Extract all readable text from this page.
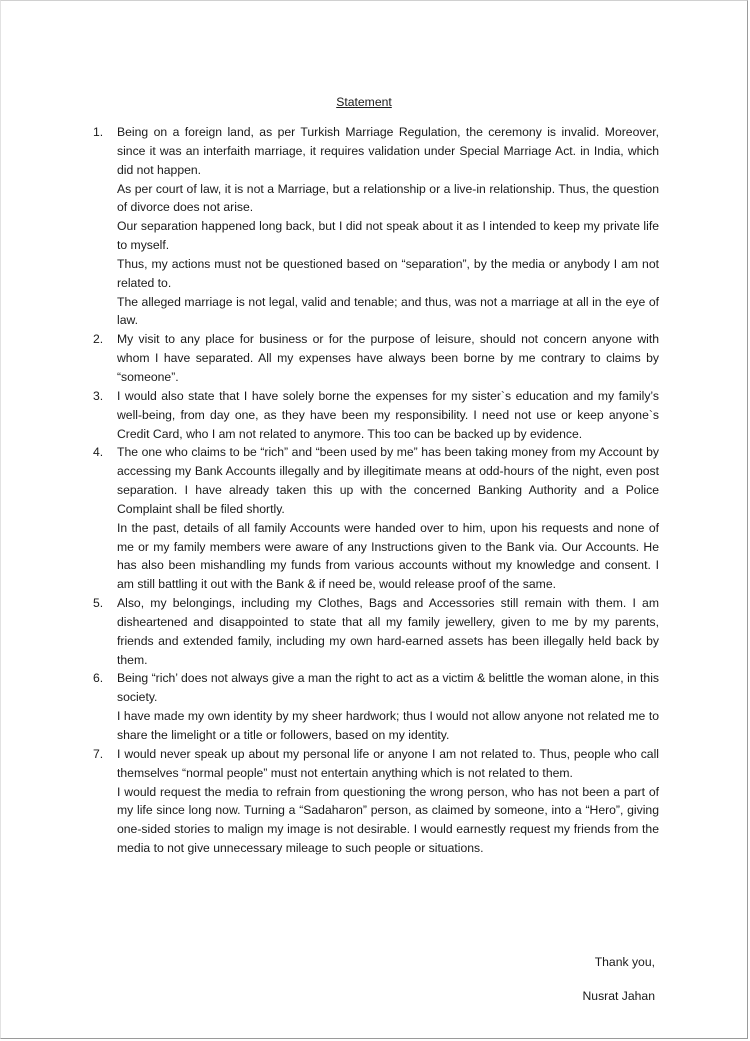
Statement
1. Being on a foreign land, as per Turkish Marriage Regulation, the ceremony is invalid. Moreover, since it was an interfaith marriage, it requires validation under Special Marriage Act. in India, which did not happen.

As per court of law, it is not a Marriage, but a relationship or a live-in relationship. Thus, the question of divorce does not arise.

Our separation happened long back, but I did not speak about it as I intended to keep my private life to myself.

Thus, my actions must not be questioned based on “separation”, by the media or anybody I am not related to.

The alleged marriage is not legal, valid and tenable; and thus, was not a marriage at all in the eye of law.

2. My visit to any place for business or for the purpose of leisure, should not concern anyone with whom I have separated. All my expenses have always been borne by me contrary to claims by “someone”.

3. I would also state that I have solely borne the expenses for my sister`s education and my family’s well-being, from day one, as they have been my responsibility. I need not use or keep anyone`s Credit Card, who I am not related to anymore. This too can be backed up by evidence.

4. The one who claims to be “rich” and “been used by me” has been taking money from my Account by accessing my Bank Accounts illegally and by illegitimate means at odd-hours of the night, even post separation. I have already taken this up with the concerned Banking Authority and a Police Complaint shall be filed shortly.

In the past, details of all family Accounts were handed over to him, upon his requests and none of me or my family members were aware of any Instructions given to the Bank via. Our Accounts. He has also been mishandling my funds from various accounts without my knowledge and consent. I am still battling it out with the Bank & if need be, would release proof of the same.

5. Also, my belongings, including my Clothes, Bags and Accessories still remain with them. I am disheartened and disappointed to state that all my family jewellery, given to me by my parents, friends and extended family, including my own hard-earned assets has been illegally held back by them.

6. Being “rich’ does not always give a man the right to act as a victim & belittle the woman alone, in this society.

I have made my own identity by my sheer hardwork; thus I would not allow anyone not related me to share the limelight or a title or followers, based on my identity.

7. I would never speak up about my personal life or anyone I am not related to. Thus, people who call themselves “normal people” must not entertain anything which is not related to them.

I would request the media to refrain from questioning the wrong person, who has not been a part of my life since long now. Turning a “Sadaharon” person, as claimed by someone, into a “Hero”, giving one-sided stories to malign my image is not desirable. I would earnestly request my friends from the media to not give unnecessary mileage to such people or situations.

Thank you,
Nusrat Jahan
